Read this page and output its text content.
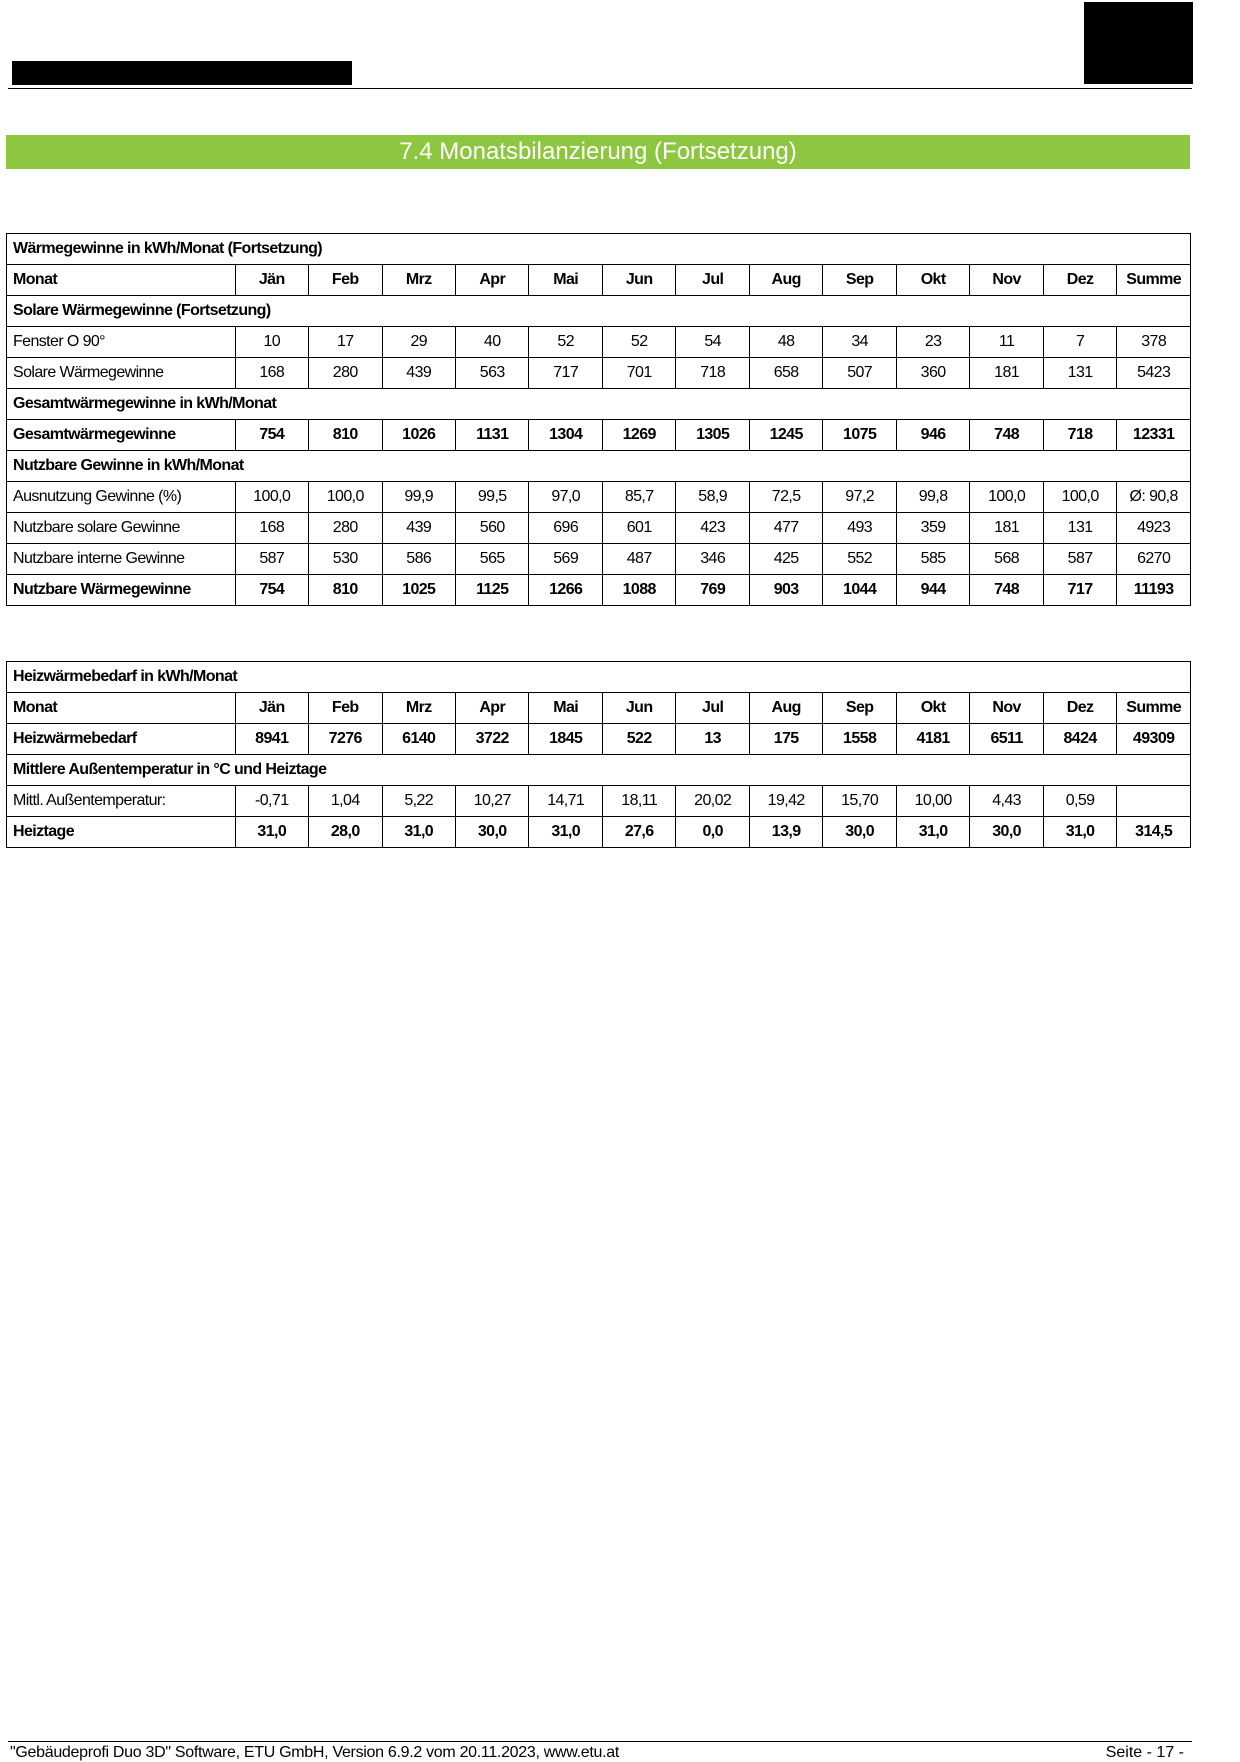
7.4 Monatsbilanzierung (Fortsetzung)
Wärmegewinne in kWh/Monat (Fortsetzung)													
Monat	Jän	Feb	Mrz	Apr	Mai	Jun	Jul	Aug	Sep	Okt	Nov	Dez	Summe
Solare Wärmegewinne (Fortsetzung)													
Fenster O 90°	10	17	29	40	52	52	54	48	34	23	11	7	378
Solare Wärmegewinne	168	280	439	563	717	701	718	658	507	360	181	131	5423
Gesamtwärmegewinne in kWh/Monat													
Gesamtwärmegewinne	754	810	1026	1131	1304	1269	1305	1245	1075	946	748	718	12331
Nutzbare Gewinne in kWh/Monat													
Ausnutzung Gewinne (%)	100,0	100,0	99,9	99,5	97,0	85,7	58,9	72,5	97,2	99,8	100,0	100,0	Ø: 90,8
Nutzbare solare Gewinne	168	280	439	560	696	601	423	477	493	359	181	131	4923
Nutzbare interne Gewinne	587	530	586	565	569	487	346	425	552	585	568	587	6270
Nutzbare Wärmegewinne	754	810	1025	1125	1266	1088	769	903	1044	944	748	717	11193
Heizwärmebedarf in kWh/Monat													
Monat	Jän	Feb	Mrz	Apr	Mai	Jun	Jul	Aug	Sep	Okt	Nov	Dez	Summe
Heizwärmebedarf	8941	7276	6140	3722	1845	522	13	175	1558	4181	6511	8424	49309
Mittlere Außentemperatur in °C und Heiztage													
Mittl. Außentemperatur:	-0,71	1,04	5,22	10,27	14,71	18,11	20,02	19,42	15,70	10,00	4,43	0,59	
Heiztage	31,0	28,0	31,0	30,0	31,0	27,6	0,0	13,9	30,0	31,0	30,0	31,0	314,5
"Gebäudeprofi Duo 3D" Software, ETU GmbH, Version 6.9.2 vom 20.11.2023, www.etu.at	Seite - 17 -
